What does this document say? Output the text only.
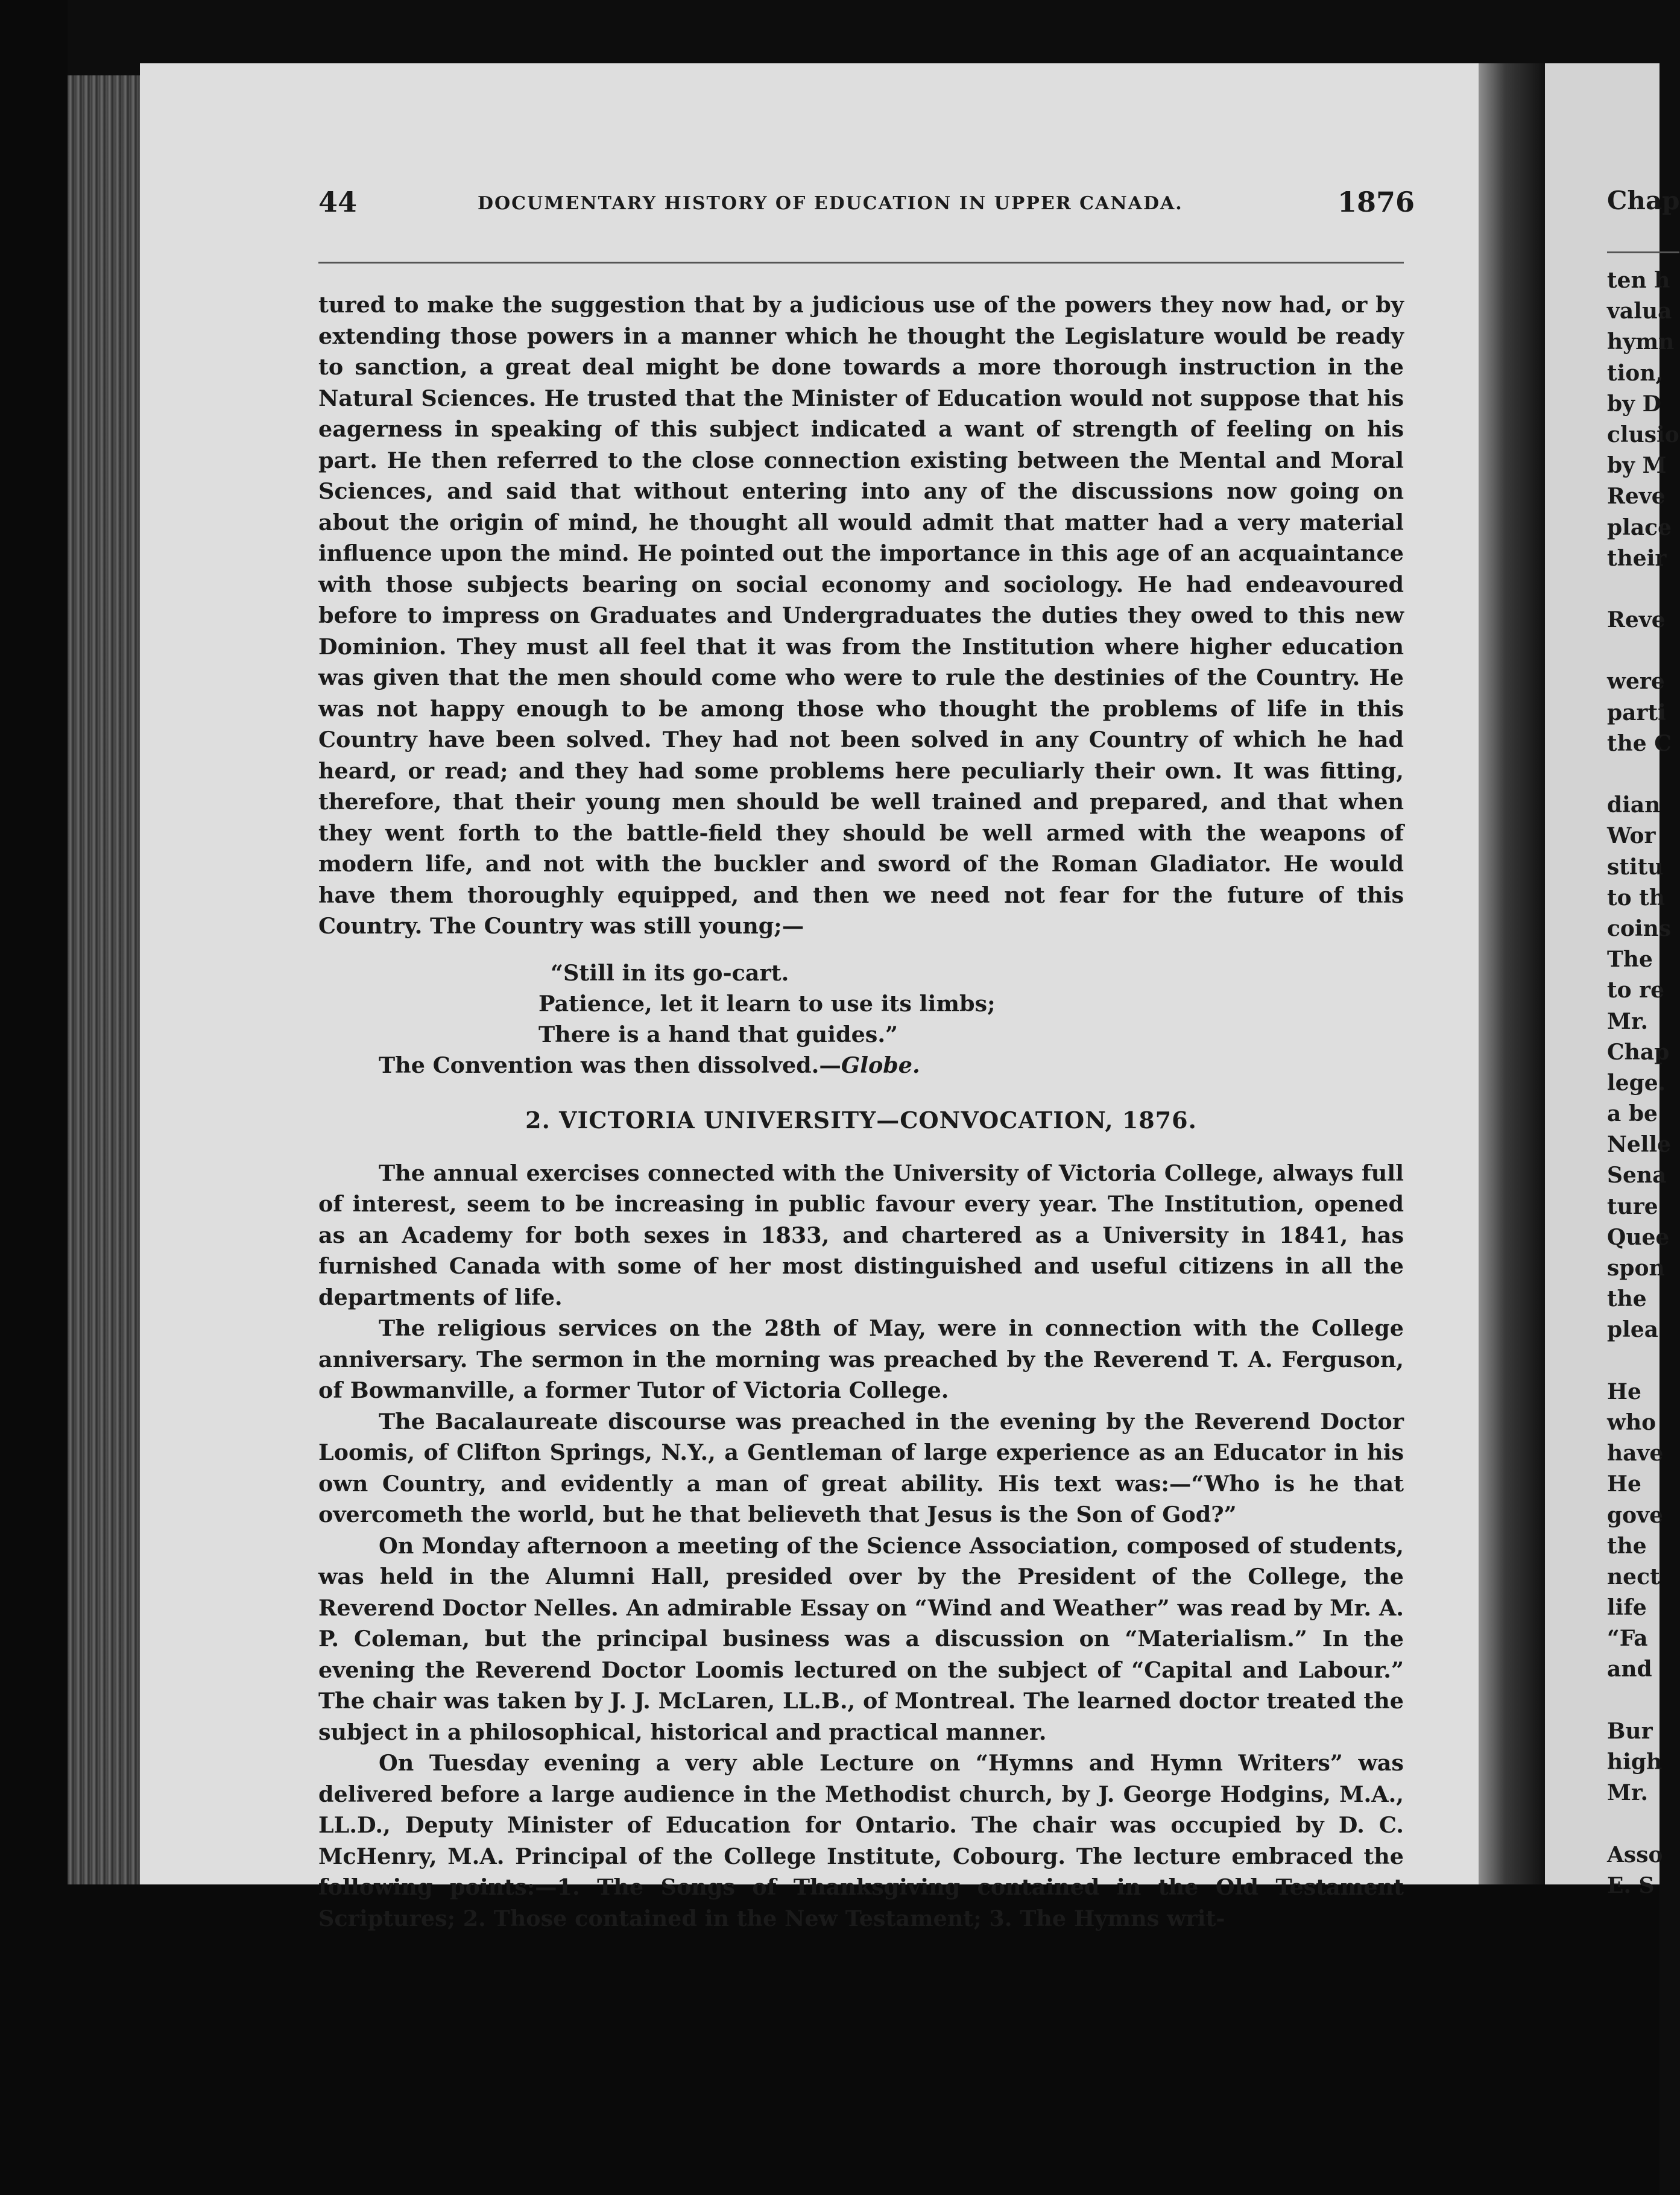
44	DOCUMENTARY HISTORY OF EDUCATION IN UPPER CANADA.	1876

tured to make the suggestion that by a judicious use of the powers they now had, or by extending those powers in a manner which he thought the Legislature would be ready to sanction, a great deal might be done towards a more thorough instruction in the Natural Sciences. He trusted that the Minister of Education would not suppose that his eagerness in speaking of this subject indicated a want of strength of feeling on his part. He then referred to the close connection existing between the Mental and Moral Sciences, and said that without entering into any of the discussions now going on about the origin of mind, he thought all would admit that matter had a very material influence upon the mind. He pointed out the importance in this age of an acquaintance with those subjects bearing on social economy and sociology. He had endeavoured before to impress on Graduates and Undergraduates the duties they owed to this new Dominion. They must all feel that it was from the Institution where higher education was given that the men should come who were to rule the destinies of the Country. He was not happy enough to be among those who thought the problems of life in this Country have been solved. They had not been solved in any Country of which he had heard, or read; and they had some problems here peculiarly their own. It was fitting, therefore, that their young men should be well trained and prepared, and that when they went forth to the battle-field they should be well armed with the weapons of modern life, and not with the buckler and sword of the Roman Gladiator. He would have them thoroughly equipped, and then we need not fear for the future of this Country. The Country was still young;—

“Still in its go-cart.
Patience, let it learn to use its limbs;
There is a hand that guides.”

The Convention was then dissolved.—Globe.

2. VICTORIA UNIVERSITY—CONVOCATION, 1876.

The annual exercises connected with the University of Victoria College, always full of interest, seem to be increasing in public favour every year. The Institution, opened as an Academy for both sexes in 1833, and chartered as a University in 1841, has furnished Canada with some of her most distinguished and useful citizens in all the departments of life.

The religious services on the 28th of May, were in connection with the College anniversary. The sermon in the morning was preached by the Reverend T. A. Ferguson, of Bowmanville, a former Tutor of Victoria College.

The Bacalaureate discourse was preached in the evening by the Reverend Doctor Loomis, of Clifton Springs, N.Y., a Gentleman of large experience as an Educator in his own Country, and evidently a man of great ability. His text was:—“Who is he that overcometh the world, but he that believeth that Jesus is the Son of God?”

On Monday afternoon a meeting of the Science Association, composed of students, was held in the Alumni Hall, presided over by the President of the College, the Reverend Doctor Nelles. An admirable Essay on “Wind and Weather” was read by Mr. A. P. Coleman, but the principal business was a discussion on “Materialism.” In the evening the Reverend Doctor Loomis lectured on the subject of “Capital and Labour.” The chair was taken by J. J. McLaren, LL.B., of Montreal. The learned doctor treated the subject in a philosophical, historical and practical manner.

On Tuesday evening a very able Lecture on “Hymns and Hymn Writers” was delivered before a large audience in the Methodist church, by J. George Hodgins, M.A., LL.D., Deputy Minister of Education for Ontario. The chair was occupied by D. C. McHenry, M.A. Principal of the College Institute, Cobourg. The lecture embraced the following points:—1. The Songs of Thanksgiving contained in the Old Testament Scriptures; 2. Those contained in the New Testament; 3. The Hymns writ-

Chap
ten h
valua
hymn
tion,
by D
clusio
by M
Reve
place
their
Reve
were
parti
the C
dian
Wor
stitu
to th
coins
The
to re
Mr.
Chap
lege.
a be
Nelle
Sena
ture
Quee
spon
the
plea
He
who
have
He
gove
the
nect
life
“Fa
and
Bur
high
Mr.
Asso
E. S
